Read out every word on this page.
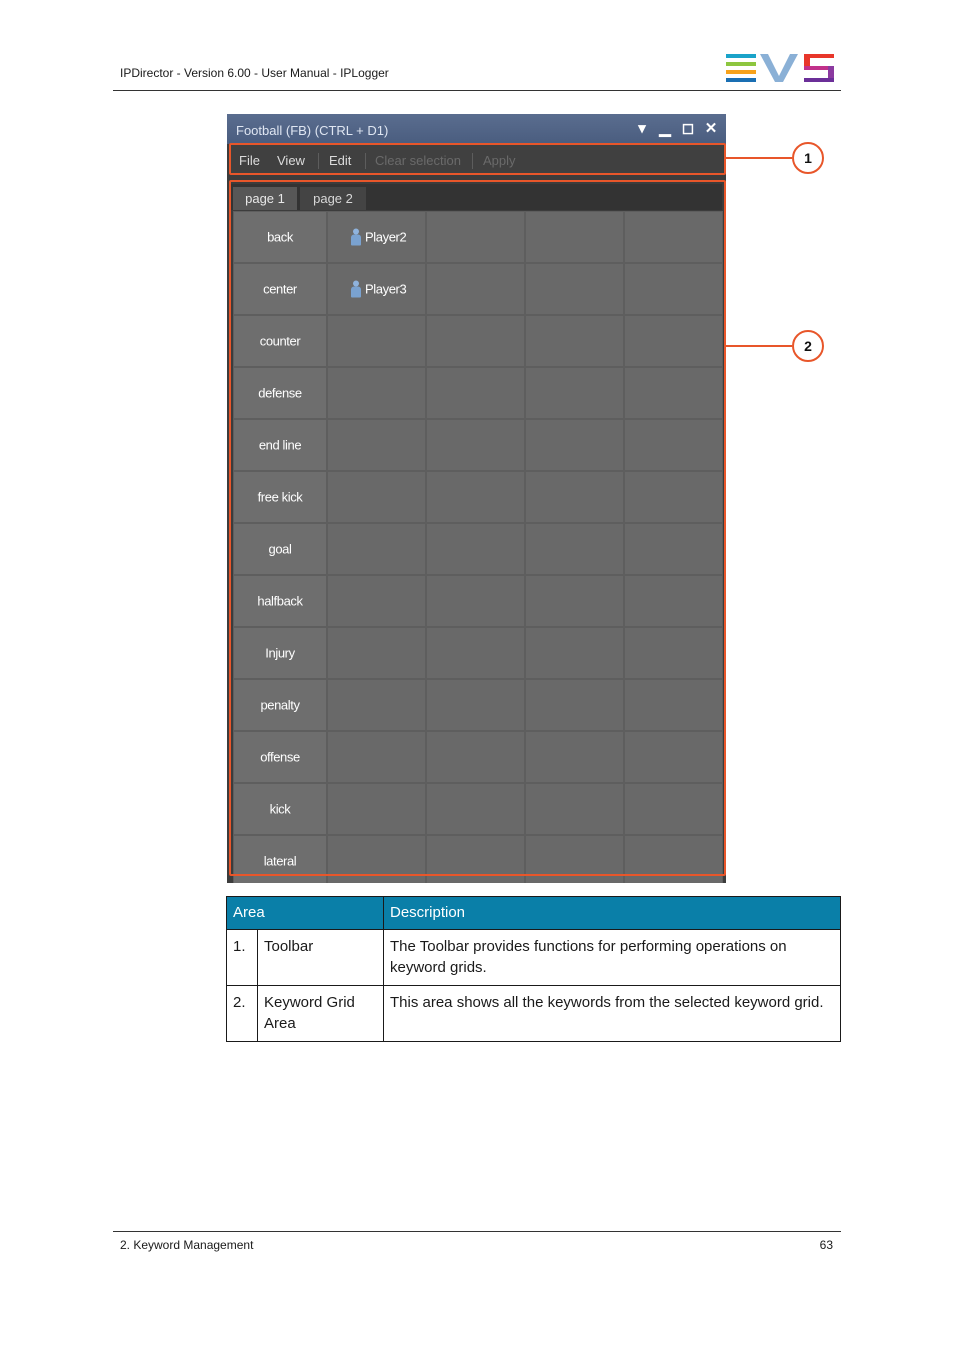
IPDirector - Version 6.00 - User Manual - IPLogger
Football (FB) (CTRL + D1)	▾ ▁ ◻ ✕
File View Edit Clear selection Apply
page 1	page 2
back	Player2
center	Player3
counter
defense
end line
free kick
goal
halfback
Injury
penalty
offense
kick
lateral
1
2
Area		Description
1.	Toolbar	The Toolbar provides functions for performing operations on keyword grids.
2.	Keyword Grid Area	This area shows all the keywords from the selected keyword grid.
2. Keyword Management	63
